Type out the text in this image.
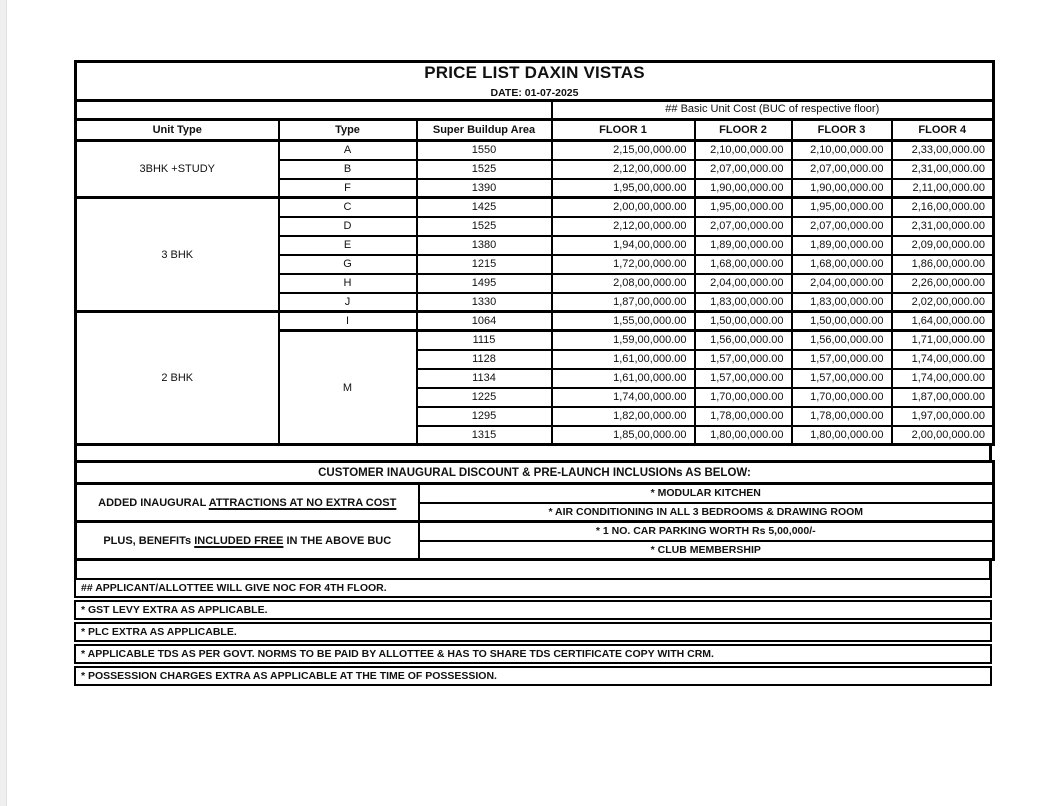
PRICE LIST DAXIN VISTAS
DATE: 01-07-2025						

			## Basic Unit Cost (BUC of respective floor)			
Unit Type	Type	Super Buildup Area	FLOOR 1	FLOOR 2	FLOOR 3	FLOOR 4
3BHK +STUDY	A	1550	2,15,00,000.00	2,10,00,000.00	2,10,00,000.00	2,33,00,000.00
	B	1525	2,12,00,000.00	2,07,00,000.00	2,07,00,000.00	2,31,00,000.00
	F	1390	1,95,00,000.00	1,90,00,000.00	1,90,00,000.00	2,11,00,000.00
3 BHK	C	1425	2,00,00,000.00	1,95,00,000.00	1,95,00,000.00	2,16,00,000.00
	D	1525	2,12,00,000.00	2,07,00,000.00	2,07,00,000.00	2,31,00,000.00
	E	1380	1,94,00,000.00	1,89,00,000.00	1,89,00,000.00	2,09,00,000.00
	G	1215	1,72,00,000.00	1,68,00,000.00	1,68,00,000.00	1,86,00,000.00
	H	1495	2,08,00,000.00	2,04,00,000.00	2,04,00,000.00	2,26,00,000.00
	J	1330	1,87,00,000.00	1,83,00,000.00	1,83,00,000.00	2,02,00,000.00
2 BHK	I	1064	1,55,00,000.00	1,50,00,000.00	1,50,00,000.00	1,64,00,000.00
	M	1115	1,59,00,000.00	1,56,00,000.00	1,56,00,000.00	1,71,00,000.00
		1128	1,61,00,000.00	1,57,00,000.00	1,57,00,000.00	1,74,00,000.00
		1134	1,61,00,000.00	1,57,00,000.00	1,57,00,000.00	1,74,00,000.00
		1225	1,74,00,000.00	1,70,00,000.00	1,70,00,000.00	1,87,00,000.00
		1295	1,82,00,000.00	1,78,00,000.00	1,78,00,000.00	1,97,00,000.00
		1315	1,85,00,000.00	1,80,00,000.00	1,80,00,000.00	2,00,00,000.00
CUSTOMER INAUGURAL DISCOUNT & PRE-LAUNCH INCLUSIONs AS BELOW:	
ADDED INAUGURAL ATTRACTIONS AT NO EXTRA COST	* MODULAR KITCHEN
	* AIR CONDITIONING IN ALL 3 BEDROOMS & DRAWING ROOM
PLUS, BENEFITs INCLUDED FREE IN THE ABOVE BUC	* 1 NO. CAR PARKING WORTH Rs 5,00,000/-
	* CLUB MEMBERSHIP
## APPLICANT/ALLOTTEE WILL GIVE NOC FOR 4TH FLOOR.
* GST LEVY EXTRA AS APPLICABLE.
* PLC EXTRA AS APPLICABLE.
* APPLICABLE TDS AS PER GOVT. NORMS TO BE PAID BY ALLOTTEE & HAS TO SHARE TDS CERTIFICATE COPY WITH CRM.
* POSSESSION CHARGES EXTRA AS APPLICABLE AT THE TIME OF POSSESSION.
